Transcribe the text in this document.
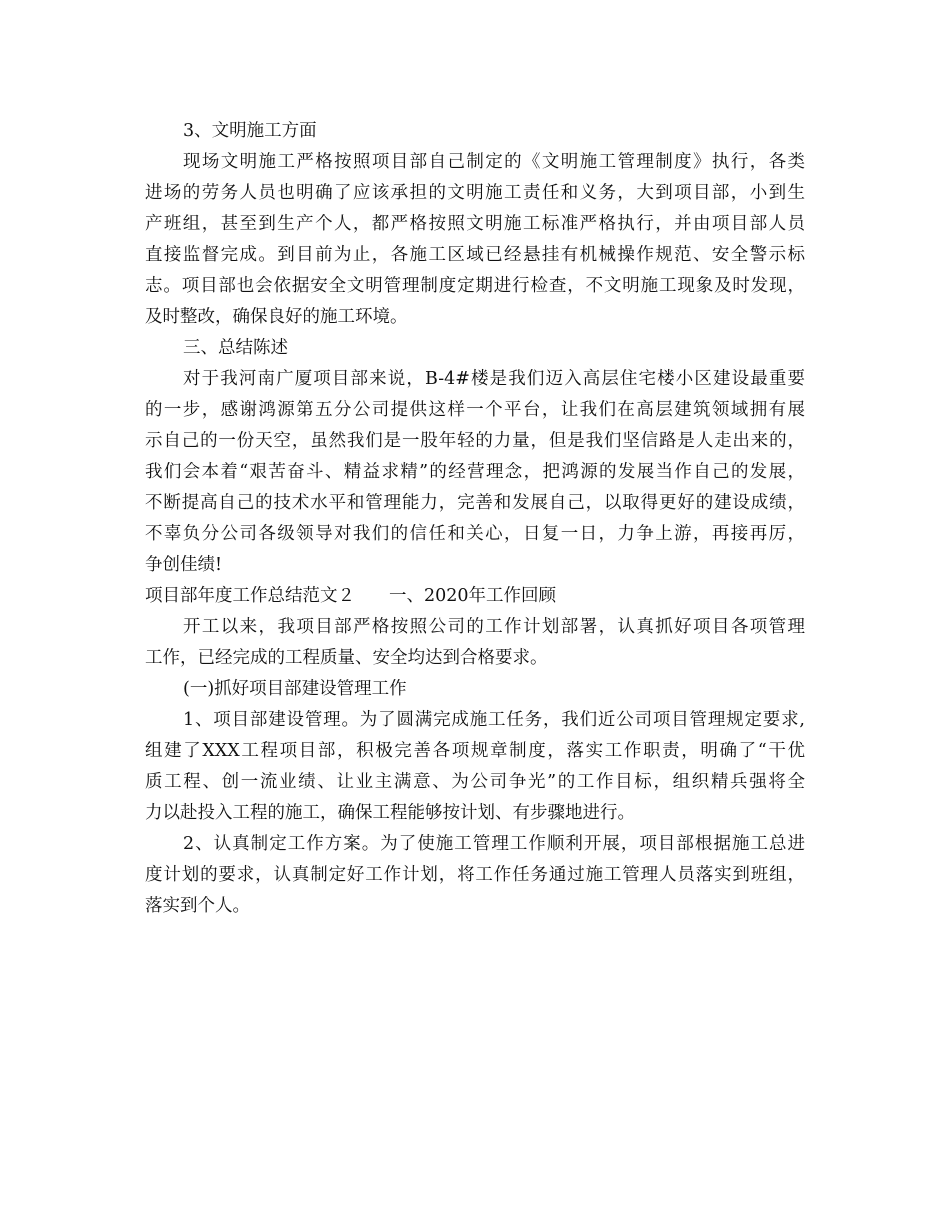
3、文明施工方面
现场文明施工严格按照项目部自己制定的《文明施工管理制度》执行，各类
进场的劳务人员也明确了应该承担的文明施工责任和义务，大到项目部，小到生
产班组，甚至到生产个人，都严格按照文明施工标准严格执行，并由项目部人员
直接监督完成。到目前为止，各施工区域已经悬挂有机械操作规范、安全警示标
志。项目部也会依据安全文明管理制度定期进行检查，不文明施工现象及时发现，
及时整改，确保良好的施工环境。
三、总结陈述
对于我河南广厦项目部来说，B-4#楼是我们迈入高层住宅楼小区建设最重要
的一步，感谢鸿源第五分公司提供这样一个平台，让我们在高层建筑领域拥有展
示自己的一份天空，虽然我们是一股年轻的力量，但是我们坚信路是人走出来的，
我们会本着“艰苦奋斗、精益求精”的经营理念，把鸿源的发展当作自己的发展，
不断提高自己的技术水平和管理能力，完善和发展自己，以取得更好的建设成绩，
不辜负分公司各级领导对我们的信任和关心，日复一日，力争上游，再接再厉，
争创佳绩!
项目部年度工作总结范文２ 一、2020年工作回顾
开工以来，我项目部严格按照公司的工作计划部署，认真抓好项目各项管理
工作，已经完成的工程质量、安全均达到合格要求。
(一)抓好项目部建设管理工作
1、项目部建设管理。为了圆满完成施工任务，我们近公司项目管理规定要求,
组建了XXX工程项目部，积极完善各项规章制度，落实工作职责，明确了“干优
质工程、创一流业绩、让业主满意、为公司争光”的工作目标，组织精兵强将全
力以赴投入工程的施工，确保工程能够按计划、有步骤地进行。
2、认真制定工作方案。为了使施工管理工作顺利开展，项目部根据施工总进
度计划的要求，认真制定好工作计划，将工作任务通过施工管理人员落实到班组，
落实到个人。
